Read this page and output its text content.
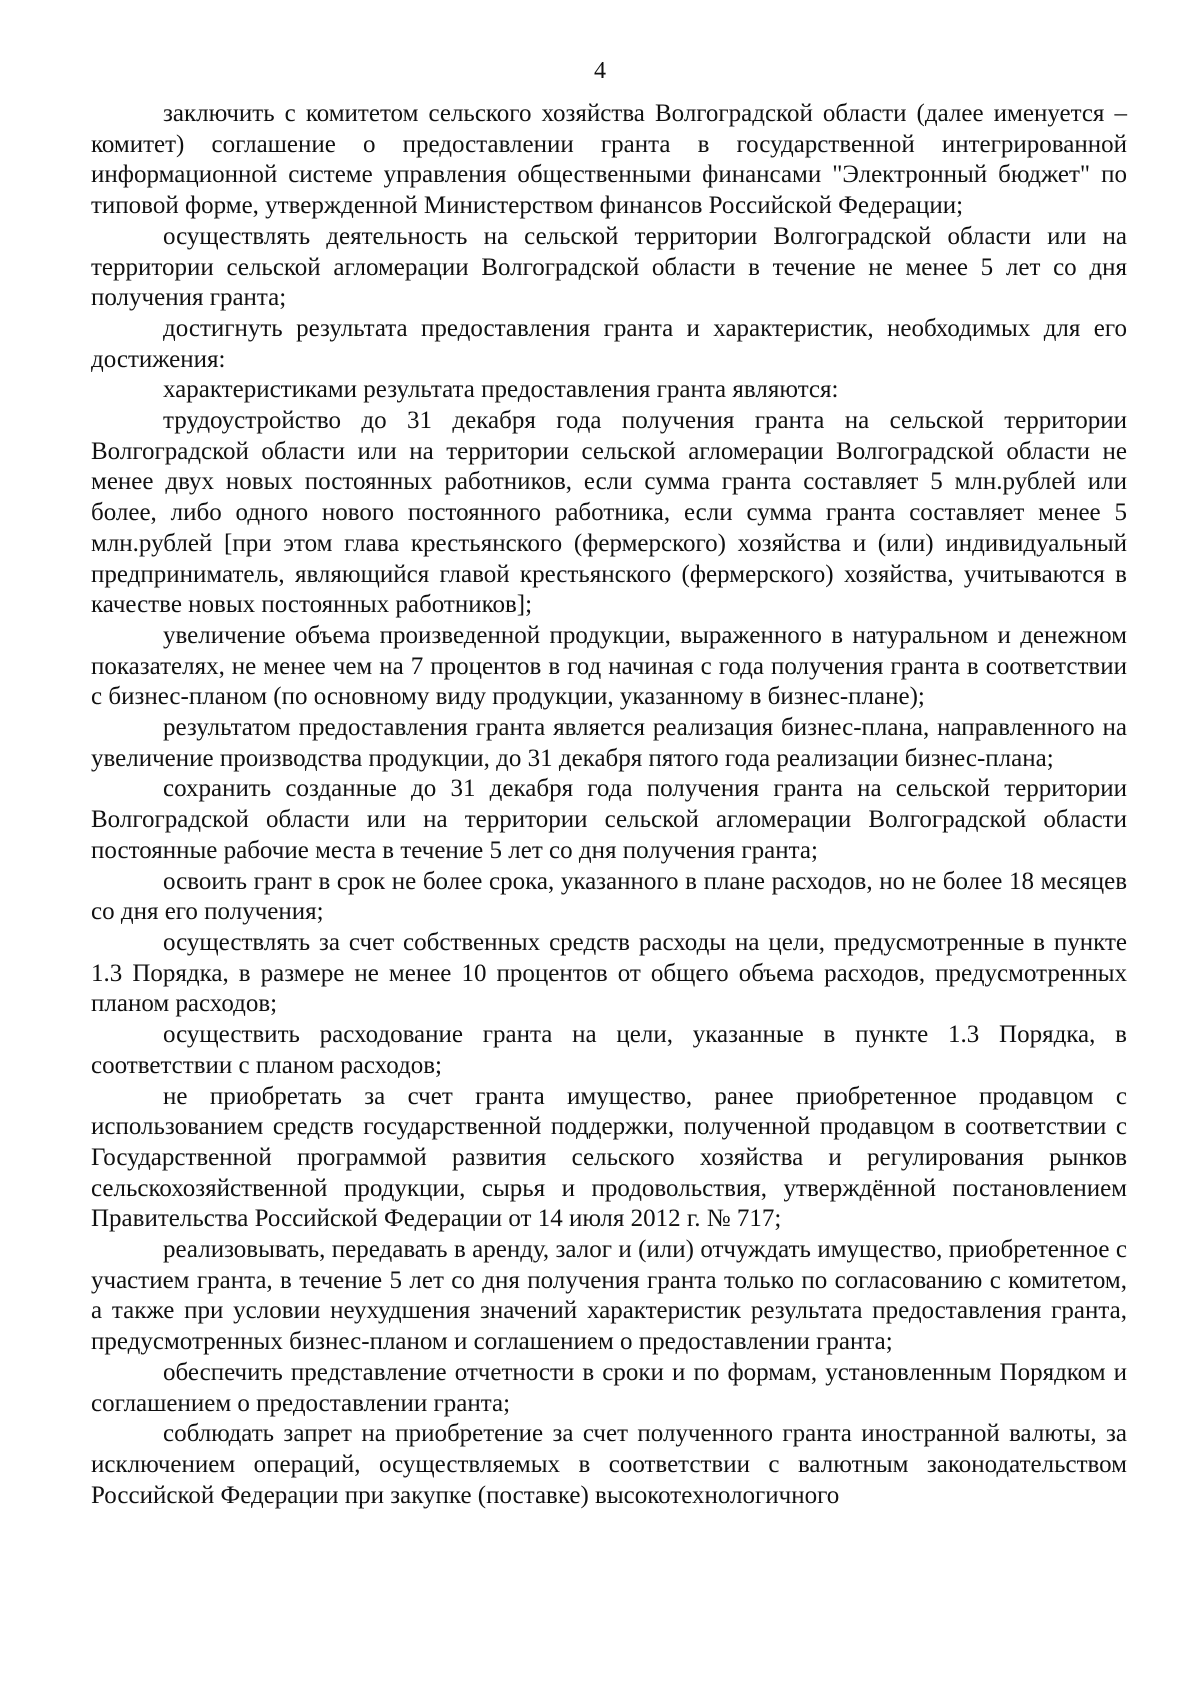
4

заключить с комитетом сельского хозяйства Волгоградской области (далее именуется – комитет) соглашение о предоставлении гранта в государственной интегрированной информационной системе управления общественными финансами "Электронный бюджет" по типовой форме, утвержденной Министерством финансов Российской Федерации;

осуществлять деятельность на сельской территории Волгоградской области или на территории сельской агломерации Волгоградской области в течение не менее 5 лет со дня получения гранта;

достигнуть результата предоставления гранта и характеристик, необходимых для его достижения:

характеристиками результата предоставления гранта являются:

трудоустройство до 31 декабря года получения гранта на сельской территории Волгоградской области или на территории сельской агломерации Волгоградской области не менее двух новых постоянных работников, если сумма гранта составляет 5 млн.рублей или более, либо одного нового постоянного работника, если сумма гранта составляет менее 5 млн.рублей [при этом глава крестьянского (фермерского) хозяйства и (или) индивидуальный предприниматель, являющийся главой крестьянского (фермерского) хозяйства, учитываются в качестве новых постоянных работников];

увеличение объема произведенной продукции, выраженного в натуральном и денежном показателях, не менее чем на 7 процентов в год начиная с года получения гранта в соответствии с бизнес-планом (по основному виду продукции, указанному в бизнес-плане);

результатом предоставления гранта является реализация бизнес-плана, направленного на увеличение производства продукции, до 31 декабря пятого года реализации бизнес-плана;

сохранить созданные до 31 декабря года получения гранта на сельской территории Волгоградской области или на территории сельской агломерации Волгоградской области постоянные рабочие места в течение 5 лет со дня получения гранта;

освоить грант в срок не более срока, указанного в плане расходов, но не более 18 месяцев со дня его получения;

осуществлять за счет собственных средств расходы на цели, предусмотренные в пункте 1.3 Порядка, в размере не менее 10 процентов от общего объема расходов, предусмотренных планом расходов;

осуществить расходование гранта на цели, указанные в пункте 1.3 Порядка, в соответствии с планом расходов;

не приобретать за счет гранта имущество, ранее приобретенное продавцом с использованием средств государственной поддержки, полученной продавцом в соответствии с Государственной программой развития сельского хозяйства и регулирования рынков сельскохозяйственной продукции, сырья и продовольствия, утверждённой постановлением Правительства Российской Федерации от 14 июля 2012 г. № 717;

реализовывать, передавать в аренду, залог и (или) отчуждать имущество, приобретенное с участием гранта, в течение 5 лет со дня получения гранта только по согласованию с комитетом, а также при условии неухудшения значений характеристик результата предоставления гранта, предусмотренных бизнес-планом и соглашением о предоставлении гранта;

обеспечить представление отчетности в сроки и по формам, установленным Порядком и соглашением о предоставлении гранта;

соблюдать запрет на приобретение за счет полученного гранта иностранной валюты, за исключением операций, осуществляемых в соответствии с валютным законодательством Российской Федерации при закупке (поставке) высокотехнологичного
